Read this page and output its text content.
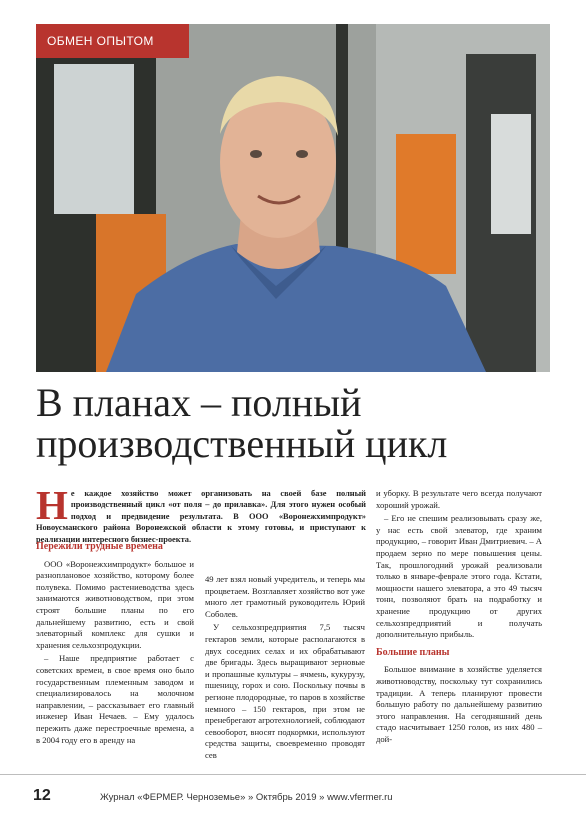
ОБМЕН ОПЫТОМ
В планах – полный производственный цикл

Не каждое хозяйство может организовать на своей базе полный производственный цикл «от поля – до прилавка». Для этого нужен особый подход и предвидение результата. В ООО «Воронежхимпродукт» Новоусманского района Воронежской области к этому готовы, и приступают к реализации интересного бизнес-проекта.

Пережили трудные времена

ООО «Воронежхимпродукт» большое и разноплановое хозяйство, которому более полувека. Помимо растениеводства здесь занимаются животноводством, при этом строят большие планы по его дальнейшему развитию, есть и свой элеваторный комплекс для сушки и хранения сельхозпродукции.

– Наше предприятие работает с советских времен, в свое время оно было государственным племенным заводом и специализировалось на молочном направлении, – рассказывает его главный инженер Иван Нечаев. – Ему удалось пережить даже перестроечные времена, а в 2004 году его в аренду на

49 лет взял новый учредитель, и теперь мы процветаем. Возглавляет хозяйство вот уже много лет грамотный руководитель Юрий Соболев.

У сельхозпредприятия 7,5 тысяч гектаров земли, которые располагаются в двух соседних селах и их обрабатывают две бригады. Здесь выращивают зерновые и пропашные культуры – ячмень, кукурузу, пшеницу, горох и сою. Поскольку почвы в регионе плодородные, то паров в хозяйстве немного – 150 гектаров, при этом не пренебрегают агротехнологией, соблюдают севооборот, вносят подкормки, используют средства защиты, своевременно проводят сев

и уборку. В результате чего всегда получают хороший урожай.

– Его не спешим реализовывать сразу же, у нас есть свой элеватор, где храним продукцию, – говорит Иван Дмитриевич. – А продаем зерно по мере повышения цены. Так, прошлогодний урожай реализовали только в январе-феврале этого года. Кстати, мощности нашего элеватора, а это 49 тысяч тонн, позволяют брать на подработку и хранение продукцию от других сельхозпредприятий и получать дополнительную прибыль.

Большие планы

Большое внимание в хозяйстве уделяется животноводству, поскольку тут сохранились традиции. А теперь планируют провести большую работу по дальнейшему развитию этого направления. На сегодняшний день стадо насчитывает 1250 голов, из них 480 – дой-

12	Журнал «ФЕРМЕР. Черноземье» » Октябрь 2019 » www.vfermer.ru
